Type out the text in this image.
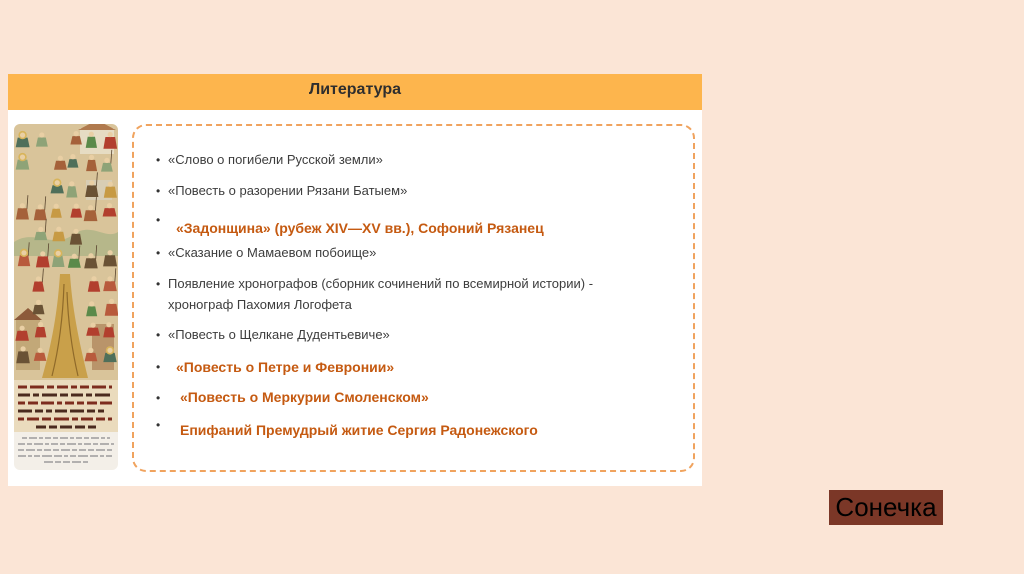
Литература
• «Слово о погибели Русской земли»
• «Повесть о разорении Рязани Батыем»
• «Задонщина» (рубеж XIV—XV вв.), Софоний Рязанец
• «Сказание о Мамаевом побоище»
• Появление хронографов (сборник сочинений по всемирной истории) -
хронограф Пахомия Логофета
• «Повесть о Щелкане Дудентьевиче»
• «Повесть о Петре и Февронии»
• «Повесть о Меркурии Смоленском»
• Епифаний Премудрый житие Сергия Радонежского
Сонечка
